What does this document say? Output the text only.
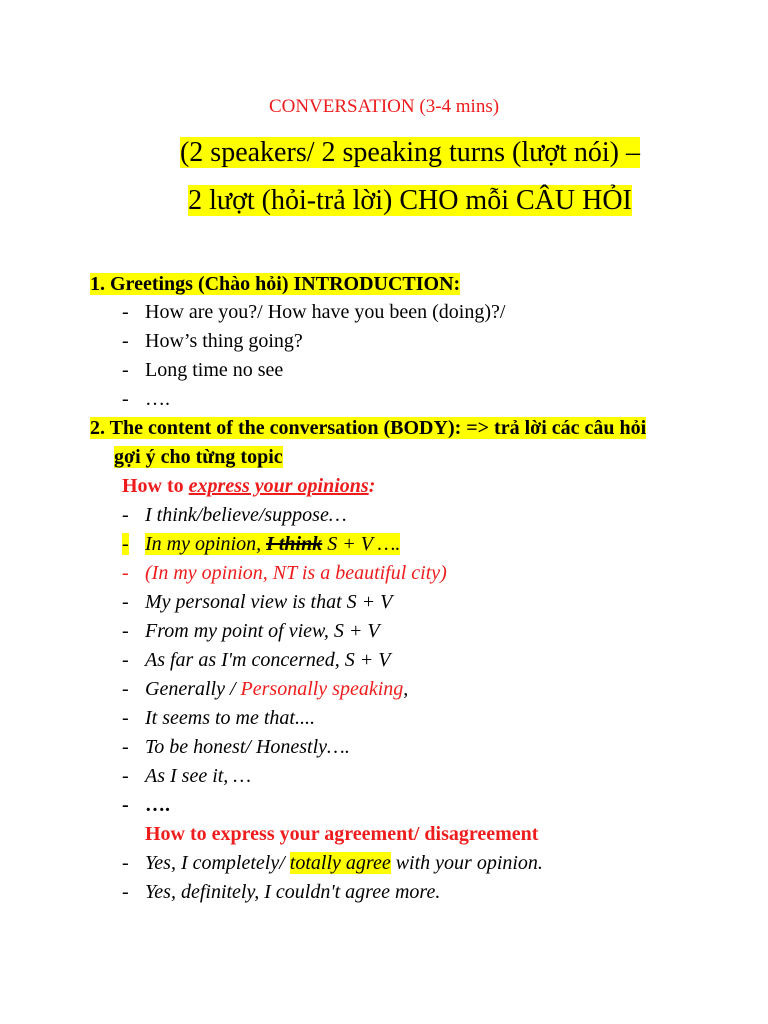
CONVERSATION (3-4 mins)
(2 speakers/ 2 speaking turns (lượt nói) –
2 lượt (hỏi-trả lời) CHO mỗi CÂU HỎI
1. Greetings (Chào hỏi) INTRODUCTION:
- How are you?/ How have you been (doing)?/
- How’s thing going?
- Long time no see
- ….
2. The content of the conversation (BODY): => trả lời các câu hỏi
gợi ý cho từng topic
How to express your opinions:
- I think/believe/suppose…
- In my opinion, I think S + V ….
- (In my opinion, NT is a beautiful city)
- My personal view is that S + V
- From my point of view, S + V
- As far as I'm concerned, S + V
- Generally / Personally speaking,
- It seems to me that....
- To be honest/ Honestly….
- As I see it, …
- ….
How to express your agreement/ disagreement
- Yes, I completely/ totally agree with your opinion.
- Yes, definitely, I couldn't agree more.
